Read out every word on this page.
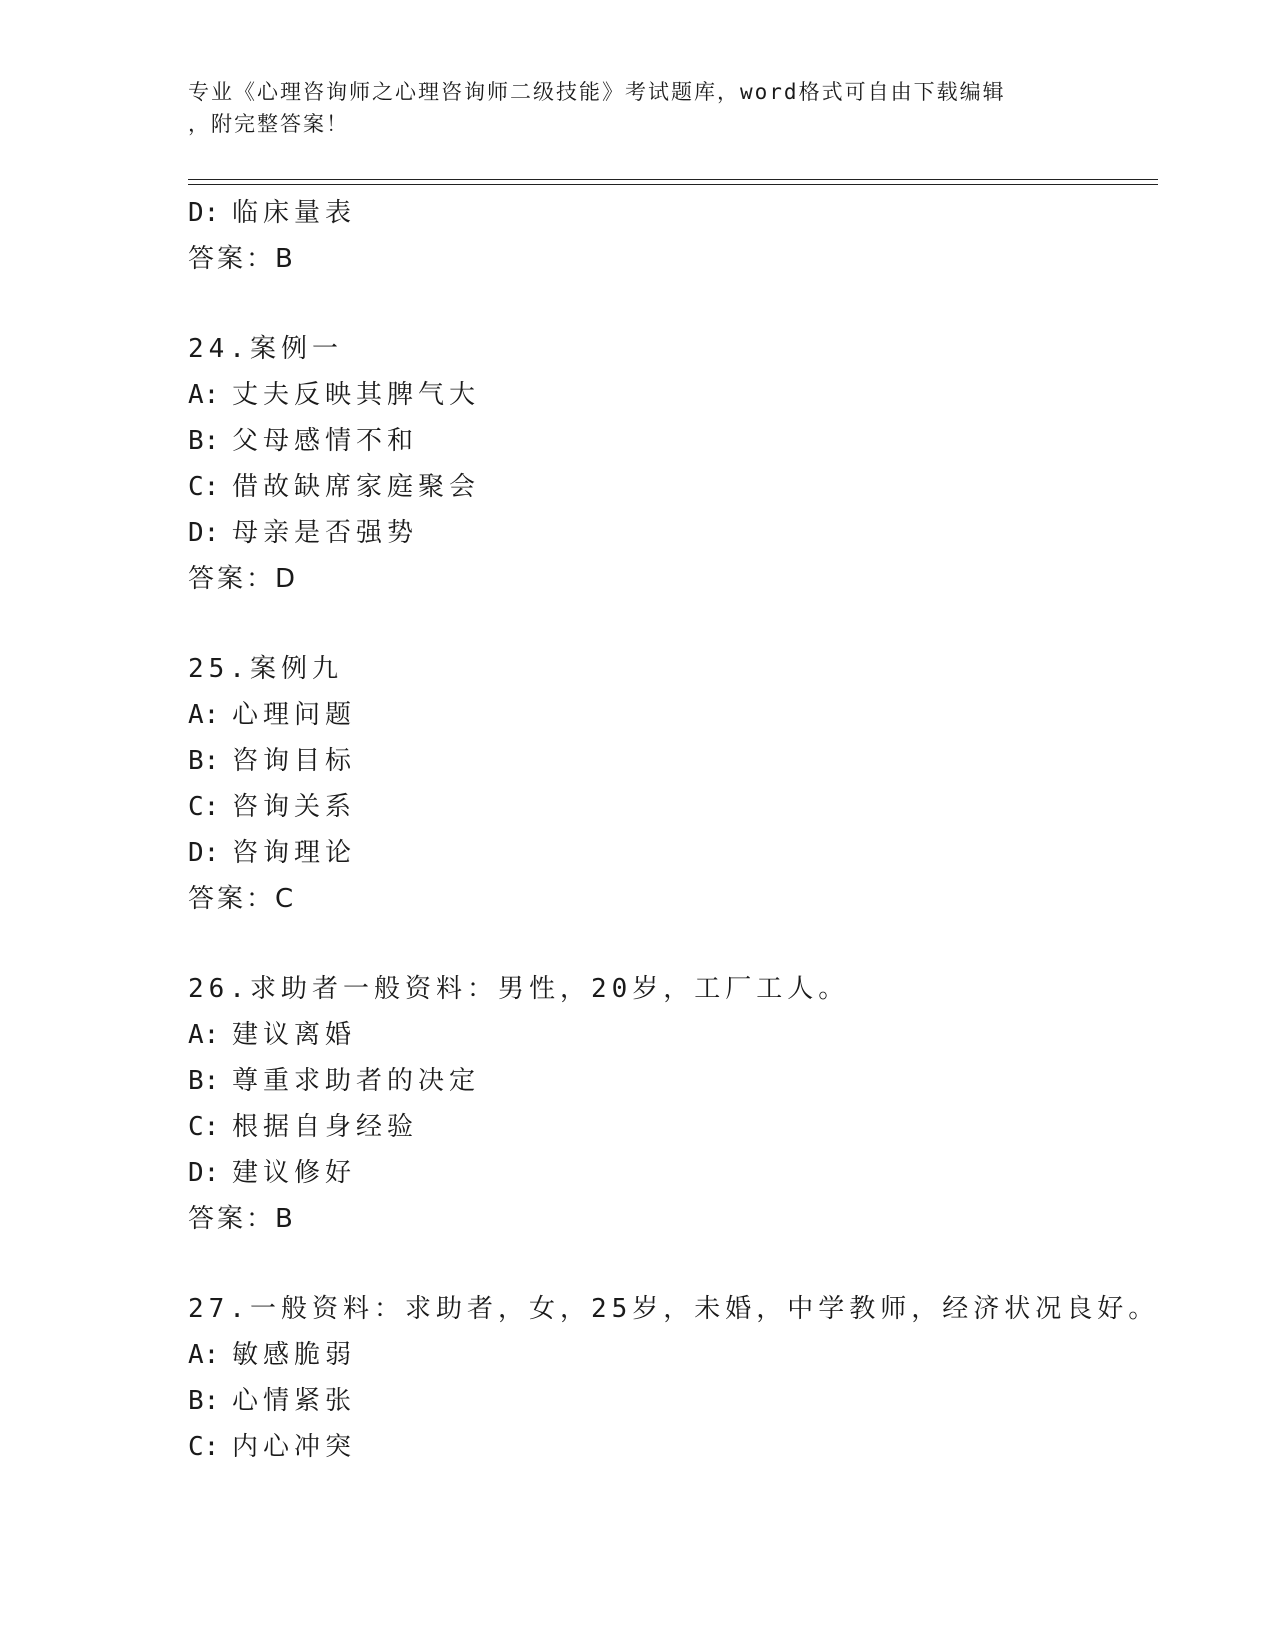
专业《心理咨询师之心理咨询师二级技能》考试题库，word格式可自由下载编辑

，附完整答案！

D: 临床量表
答案：B
24.案例一
A: 丈夫反映其脾气大
B: 父母感情不和
C: 借故缺席家庭聚会
D: 母亲是否强势
答案：D
25.案例九
A: 心理问题
B: 咨询目标
C: 咨询关系
D: 咨询理论
答案：C
26.求助者一般资料：男性，20岁，工厂工人。
A: 建议离婚
B: 尊重求助者的决定
C: 根据自身经验
D: 建议修好
答案：B
27.一般资料：求助者，女，25岁，未婚，中学教师，经济状况良好。
A: 敏感脆弱
B: 心情紧张
C: 内心冲突
